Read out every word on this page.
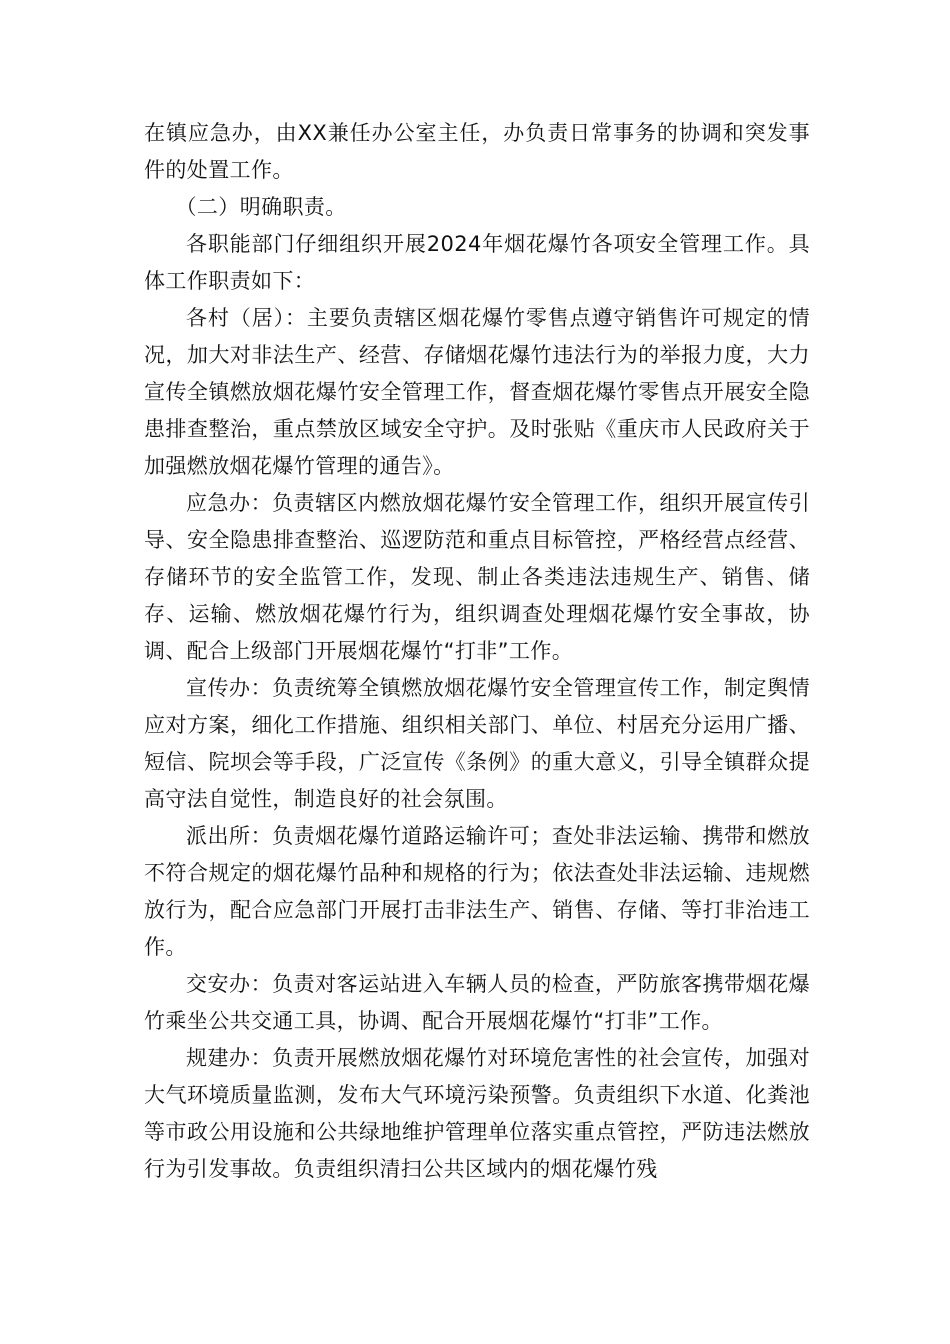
在镇应急办，由XX兼任办公室主任，办负责日常事务的协调和突发事件的处置工作。

（二）明确职责。

各职能部门仔细组织开展2024年烟花爆竹各项安全管理工作。具体工作职责如下：

各村（居）：主要负责辖区烟花爆竹零售点遵守销售许可规定的情况，加大对非法生产、经营、存储烟花爆竹违法行为的举报力度，大力宣传全镇燃放烟花爆竹安全管理工作，督查烟花爆竹零售点开展安全隐患排查整治，重点禁放区域安全守护。及时张贴《重庆市人民政府关于加强燃放烟花爆竹管理的通告》。

应急办：负责辖区内燃放烟花爆竹安全管理工作，组织开展宣传引导、安全隐患排查整治、巡逻防范和重点目标管控，严格经营点经营、存储环节的安全监管工作，发现、制止各类违法违规生产、销售、储存、运输、燃放烟花爆竹行为，组织调查处理烟花爆竹安全事故，协调、配合上级部门开展烟花爆竹“打非”工作。

宣传办：负责统筹全镇燃放烟花爆竹安全管理宣传工作，制定舆情应对方案，细化工作措施、组织相关部门、单位、村居充分运用广播、短信、院坝会等手段，广泛宣传《条例》的重大意义，引导全镇群众提高守法自觉性，制造良好的社会氛围。

派出所：负责烟花爆竹道路运输许可；查处非法运输、携带和燃放不符合规定的烟花爆竹品种和规格的行为；依法查处非法运输、违规燃放行为，配合应急部门开展打击非法生产、销售、存储、等打非治违工作。

交安办：负责对客运站进入车辆人员的检查，严防旅客携带烟花爆竹乘坐公共交通工具，协调、配合开展烟花爆竹“打非”工作。

规建办：负责开展燃放烟花爆竹对环境危害性的社会宣传，加强对大气环境质量监测，发布大气环境污染预警。负责组织下水道、化粪池等市政公用设施和公共绿地维护管理单位落实重点管控，严防违法燃放行为引发事故。负责组织清扫公共区域内的烟花爆竹残
